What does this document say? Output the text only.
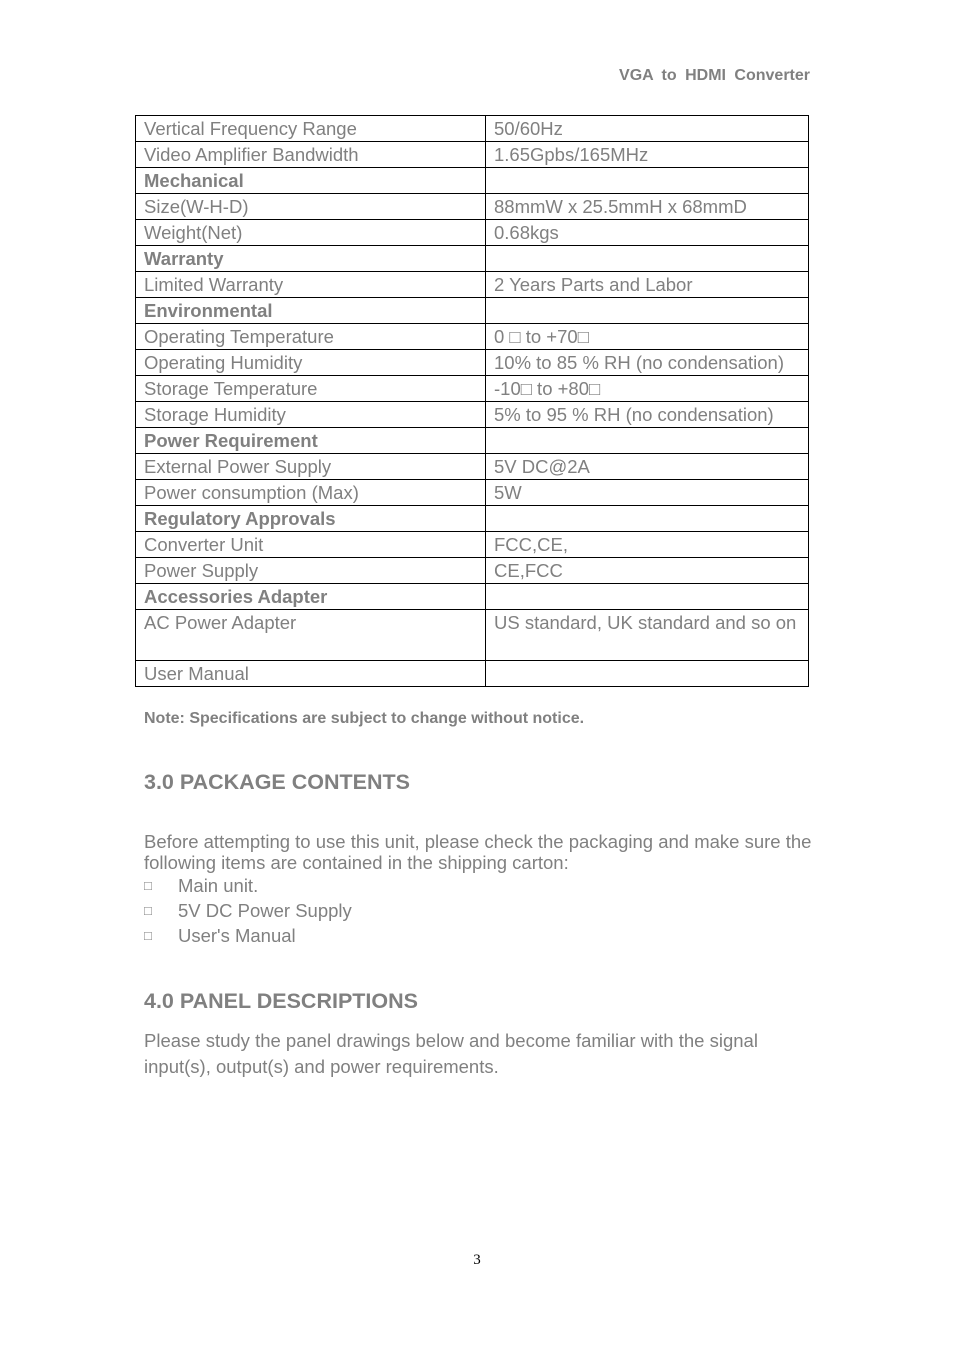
VGA to HDMI Converter
Vertical Frequency Range	50/60Hz
Video Amplifier Bandwidth	1.65Gpbs/165MHz
Mechanical	
Size(W-H-D)	88mmW x 25.5mmH x 68mmD
Weight(Net)	0.68kgs
Warranty	
Limited Warranty	2 Years Parts and Labor
Environmental	
Operating Temperature	0 □ to +70□
Operating Humidity	10% to 85 % RH (no condensation)
Storage Temperature	-10□ to +80□
Storage Humidity	5% to 95 % RH (no condensation)
Power Requirement	
External Power Supply	5V DC@2A
Power consumption (Max)	5W
Regulatory Approvals	
Converter Unit	FCC,CE,
Power Supply	CE,FCC
Accessories Adapter	
AC Power Adapter	US standard, UK standard and so on
User Manual	
Note: Specifications are subject to change without notice.
3.0 PACKAGE CONTENTS
Before attempting to use this unit, please check the packaging and make sure the following items are contained in the shipping carton:
□	Main unit.
□	5V DC Power Supply
□	User's Manual
4.0 PANEL DESCRIPTIONS
Please study the panel drawings below and become familiar with the signal input(s), output(s) and power requirements.
3
